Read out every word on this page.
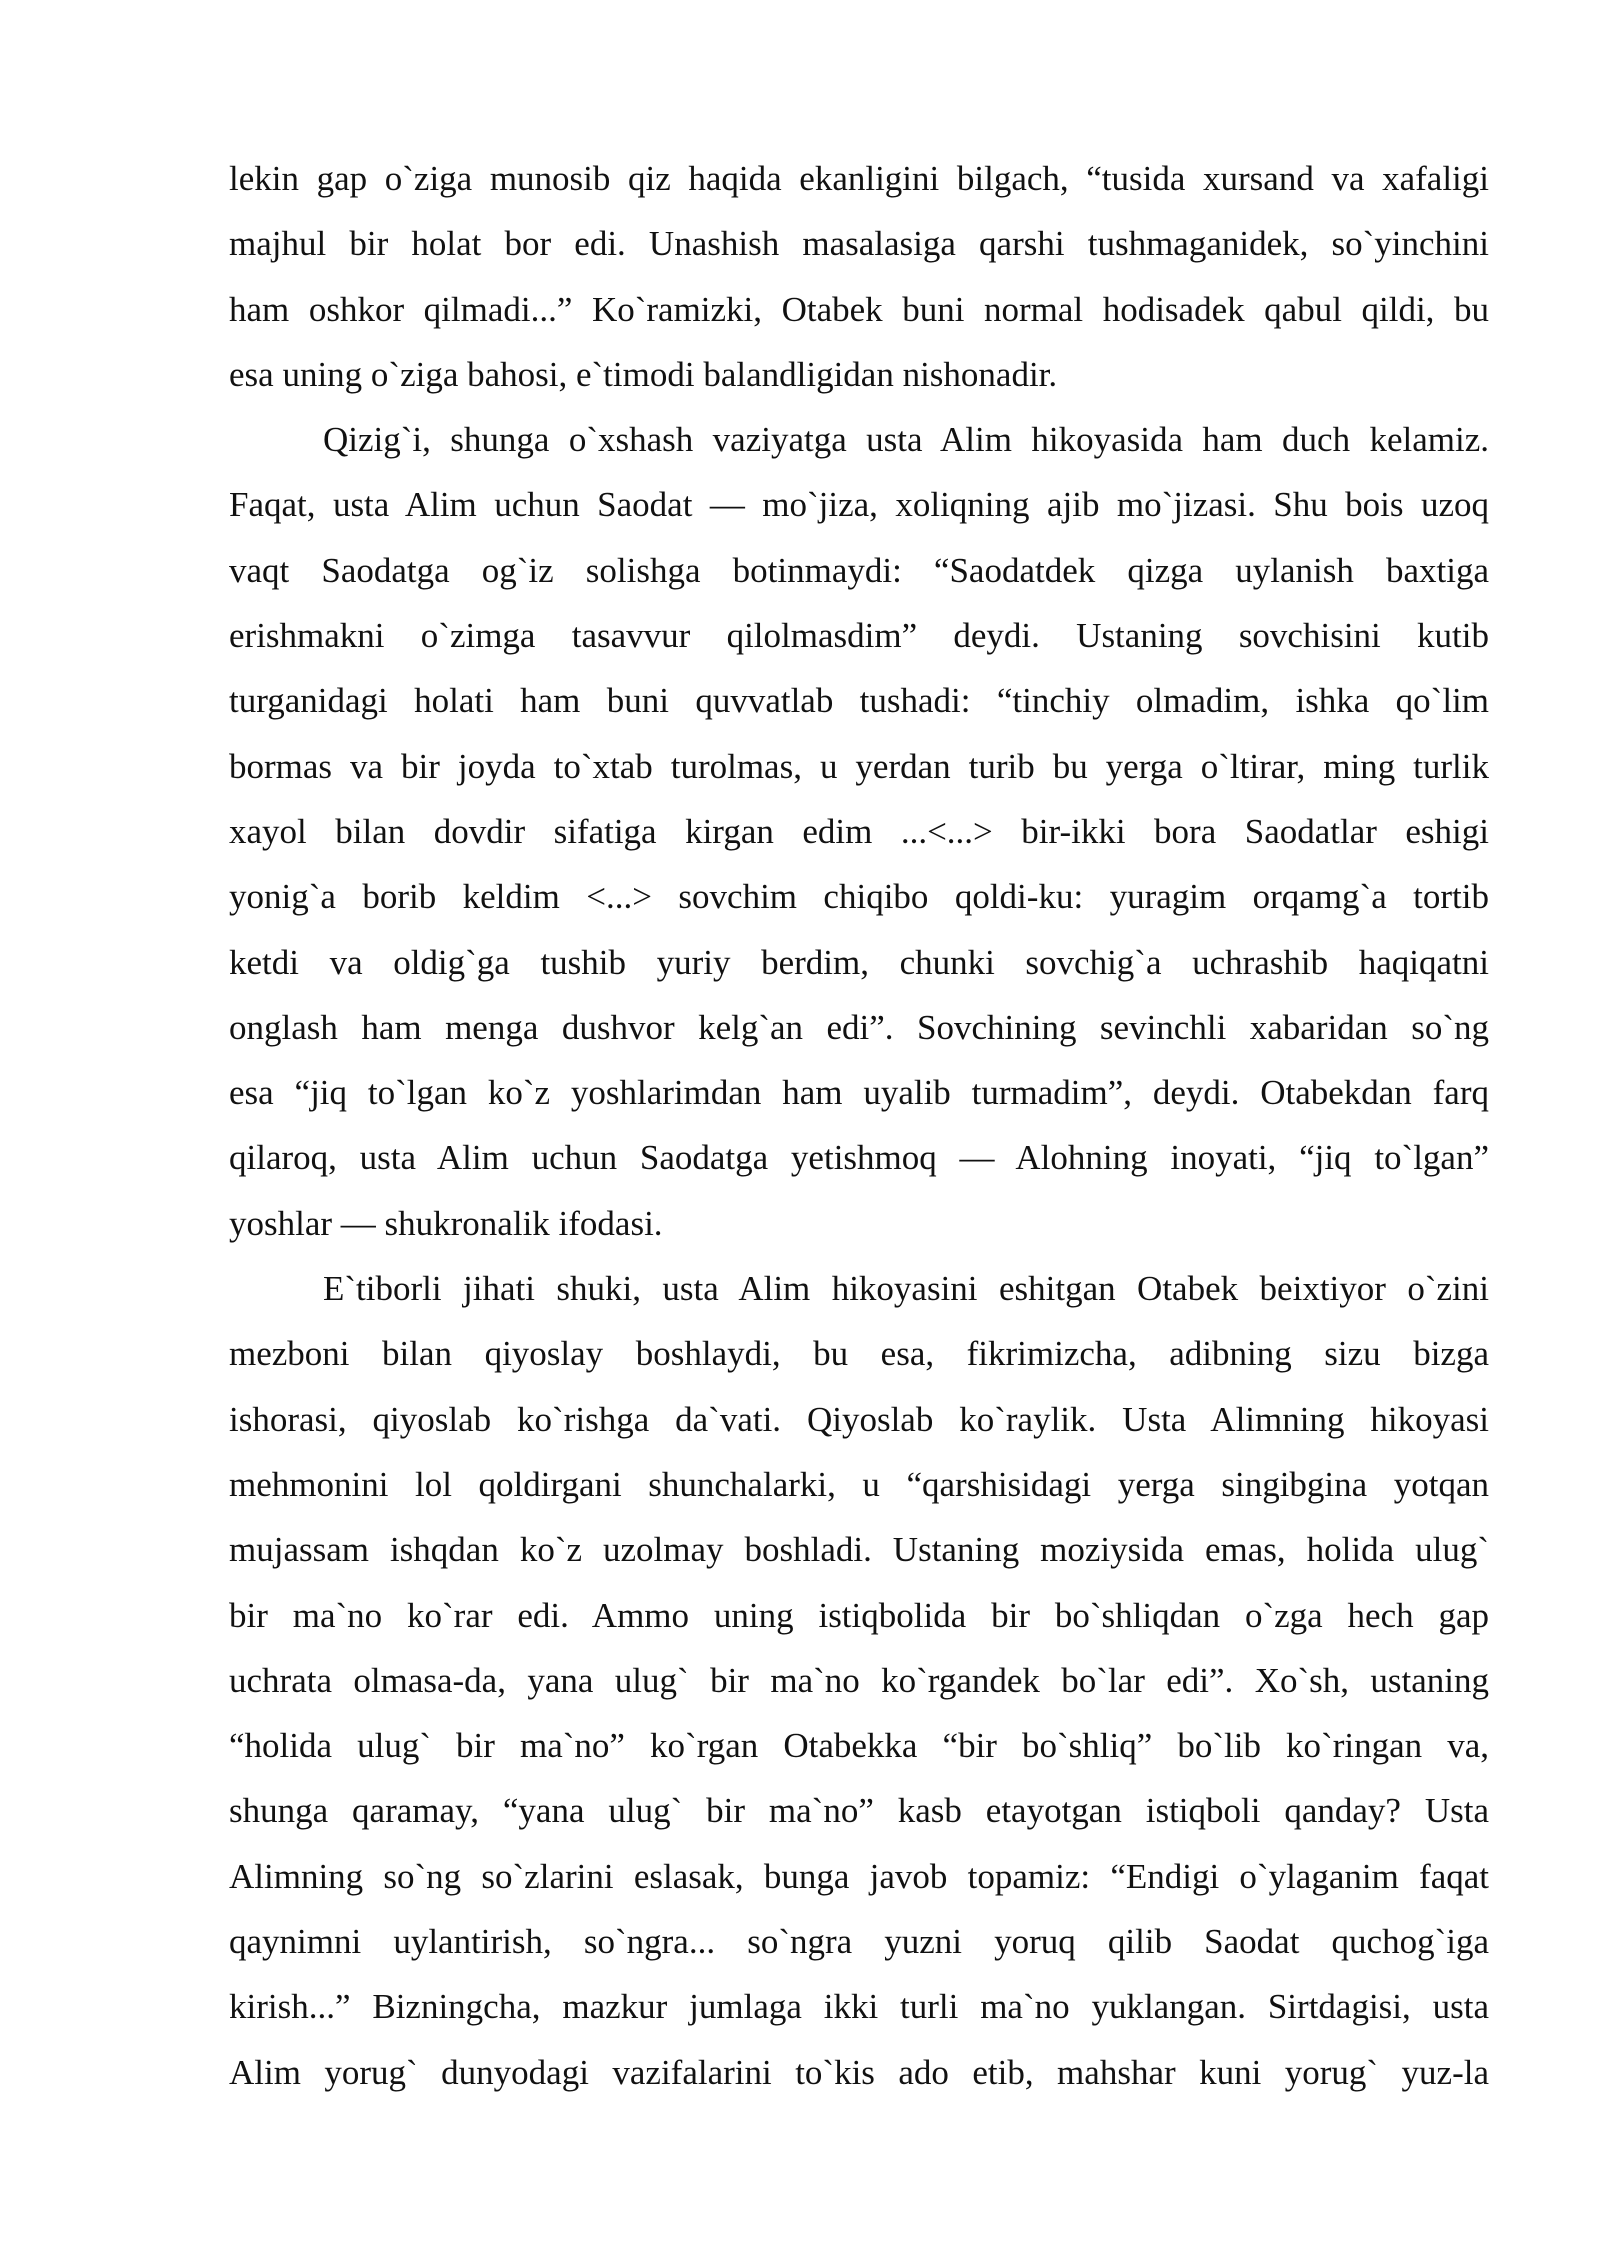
lekin gap o`ziga munosib qiz haqida ekanligini bilgach, “tusida xursand va xafaligi
majhul bir holat bor edi. Unashish masalasiga qarshi tushmaganidek, so`yinchini
ham oshkor qilmadi...” Ko`ramizki, Otabek buni normal hodisadek qabul qildi, bu
esa uning o`ziga bahosi, e`timodi balandligidan nishonadir.
Qizig`i, shunga o`xshash vaziyatga usta Alim hikoyasida ham duch kelamiz.
Faqat, usta Alim uchun Saodat — mo`jiza, xoliqning ajib mo`jizasi. Shu bois uzoq
vaqt Saodatga og`iz solishga botinmaydi: “Saodatdek qizga uylanish baxtiga
erishmakni o`zimga tasavvur qilolmasdim” deydi. Ustaning sovchisini kutib
turganidagi holati ham buni quvvatlab tushadi: “tinchiy olmadim, ishka qo`lim
bormas va bir joyda to`xtab turolmas, u yerdan turib bu yerga o`ltirar, ming turlik
xayol bilan dovdir sifatiga kirgan edim ...<...> bir-ikki bora Saodatlar eshigi
yonig`a borib keldim <...> sovchim chiqibo qoldi-ku: yuragim orqamg`a tortib
ketdi va oldig`ga tushib yuriy berdim, chunki sovchig`a uchrashib haqiqatni
onglash ham menga dushvor kelg`an edi”. Sovchining sevinchli xabaridan so`ng
esa “jiq to`lgan ko`z yoshlarimdan ham uyalib turmadim”, deydi. Otabekdan farq
qilaroq, usta Alim uchun Saodatga yetishmoq — Alohning inoyati, “jiq to`lgan”
yoshlar — shukronalik ifodasi.
E`tiborli jihati shuki, usta Alim hikoyasini eshitgan Otabek beixtiyor o`zini
mezboni bilan qiyoslay boshlaydi, bu esa, fikrimizcha, adibning sizu bizga
ishorasi, qiyoslab ko`rishga da`vati. Qiyoslab ko`raylik. Usta Alimning hikoyasi
mehmonini lol qoldirgani shunchalarki, u “qarshisidagi yerga singibgina yotqan
mujassam ishqdan ko`z uzolmay boshladi. Ustaning moziysida emas, holida ulug`
bir ma`no ko`rar edi. Ammo uning istiqbolida bir bo`shliqdan o`zga hech gap
uchrata olmasa-da, yana ulug` bir ma`no ko`rgandek bo`lar edi”. Xo`sh, ustaning
“holida ulug` bir ma`no” ko`rgan Otabekka “bir bo`shliq” bo`lib ko`ringan va,
shunga qaramay, “yana ulug` bir ma`no” kasb etayotgan istiqboli qanday? Usta
Alimning so`ng so`zlarini eslasak, bunga javob topamiz: “Endigi o`ylaganim faqat
qaynimni uylantirish, so`ngra... so`ngra yuzni yoruq qilib Saodat quchog`iga
kirish...” Bizningcha, mazkur jumlaga ikki turli ma`no yuklangan. Sirtdagisi, usta
Alim yorug` dunyodagi vazifalarini to`kis ado etib, mahshar kuni yorug` yuz-la
